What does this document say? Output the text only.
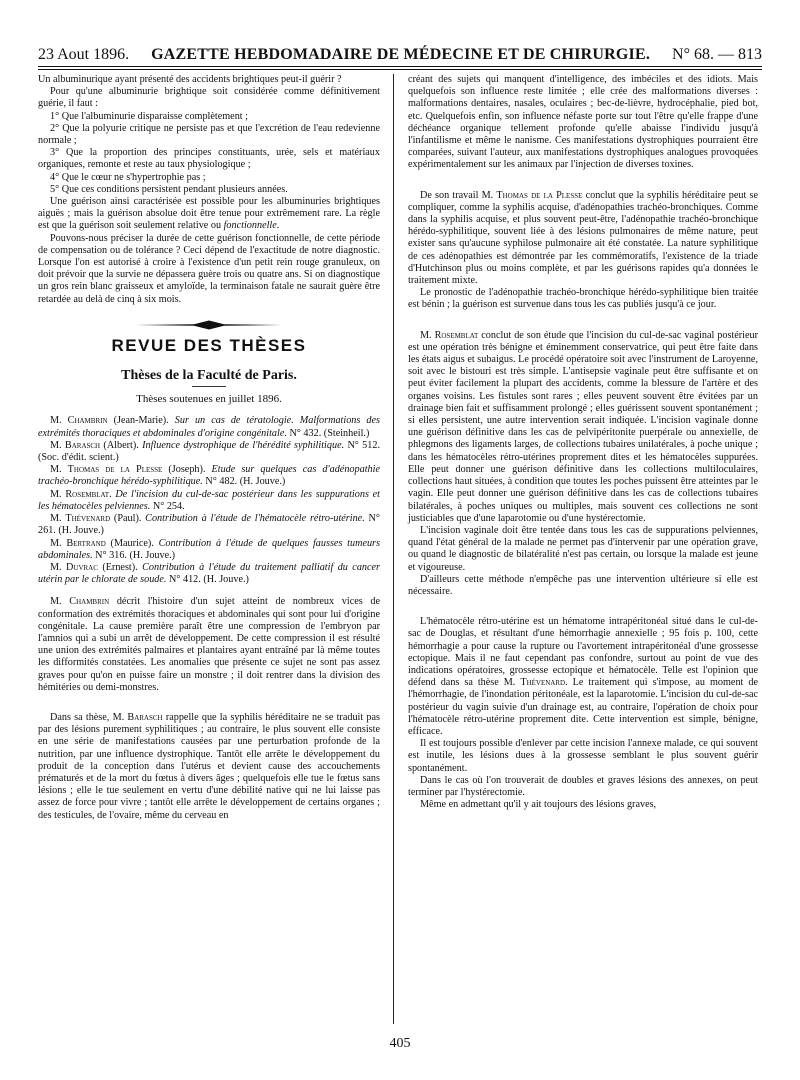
23 Aout 1896. GAZETTE HEBDOMADAIRE DE MÉDECINE ET DE CHIRURGIE. N° 68. — 813

Un albuminurique ayant présenté des accidents brightiques peut-il guérir ?

Pour qu'une albuminurie brightique soit considérée comme définitivement guérie, il faut :

1° Que l'albuminurie disparaisse complètement ;

2° Que la polyurie critique ne persiste pas et que l'excrétion de l'eau redevienne normale ;

3° Que la proportion des principes constituants, urée, sels et matériaux organiques, remonte et reste au taux physiologique ;

4° Que le cœur ne s'hypertrophie pas ;

5° Que ces conditions persistent pendant plusieurs années.

Une guérison ainsi caractérisée est possible pour les albuminuries brightiques aiguës ; mais la guérison absolue doit être tenue pour extrêmement rare. La règle est que la guérison soit seulement relative ou fonctionnelle.

Pouvons-nous préciser la durée de cette guérison fonctionnelle, de cette période de compensation ou de tolérance ? Ceci dépend de l'exactitude de notre diagnostic. Lorsque l'on est autorisé à croire à l'existence d'un petit rein rouge granuleux, on doit prévoir que la survie ne dépassera guère trois ou quatre ans. Si on diagnostique un gros rein blanc graisseux et amyloïde, la terminaison fatale ne saurait guère être retardée au delà de cinq à six mois.

REVUE DES THÈSES
Thèses de la Faculté de Paris.
Thèses soutenues en juillet 1896.

M. Chambrin (Jean-Marie). Sur un cas de tératologie. Malformations des extrémités thoraciques et abdominales d'origine congénitale. N° 432. (Steinheil.)

M. Barasch (Albert). Influence dystrophique de l'hérédité syphilitique. N° 512. (Soc. d'édit. scient.)

M. Thomas de la Plesse (Joseph). Etude sur quelques cas d'adénopathie trachéo-bronchique hérédo-syphilitique. N° 482. (H. Jouve.)

M. Rosemblat. De l'incision du cul-de-sac postérieur dans les suppurations et les hématocèles pelviennes. N° 254.

M. Thévenard (Paul). Contribution à l'étude de l'hématocèle rétro-utérine. N° 261. (H. Jouve.)

M. Bertrand (Maurice). Contribution à l'étude de quelques fausses tumeurs abdominales. N° 316. (H. Jouve.)

M. Duvrac (Ernest). Contribution à l'étude du traitement palliatif du cancer utérin par le chlorate de soude. N° 412. (H. Jouve.)

M. Chambrin décrit l'histoire d'un sujet atteint de nombreux vices de conformation des extrémités thoraciques et abdominales qui sont pour lui d'origine congénitale. La cause première paraît être une compression de l'embryon par l'amnios qui a subi un arrêt de développement. De cette compression il est résulté une union des extrémités palmaires et plantaires ayant entraîné par là même toutes les difformités constatées. Les anomalies que présente ce sujet ne sont pas assez graves pour qu'on en puisse faire un monstre ; il doit rentrer dans la division des hémitéries ou demi-monstres.

Dans sa thèse, M. Barasch rappelle que la syphilis héréditaire ne se traduit pas par des lésions purement syphilitiques ; au contraire, le plus souvent elle consiste en une série de manifestations causées par une perturbation profonde de la nutrition, par une influence dystrophique. Tantôt elle arrête le développement du produit de la conception dans l'utérus et devient cause des accouchements prématurés et de la mort du fœtus à divers âges ; quelquefois elle tue le fœtus sans lésions ; elle le tue seulement en vertu d'une débilité native qui ne lui laisse pas assez de force pour vivre ; tantôt elle arrête le développement de certains organes ; des testicules, de l'ovaire, même du cerveau en

créant des sujets qui manquent d'intelligence, des imbéciles et des idiots. Mais quelquefois son influence reste limitée ; elle crée des malformations diverses : malformations dentaires, nasales, oculaires ; bec-de-lièvre, hydrocéphalie, pied bot, etc. Quelquefois enfin, son influence néfaste porte sur tout l'être qu'elle frappe d'une déchéance organique tellement profonde qu'elle abaisse l'individu jusqu'à l'infantilisme et même le nanisme. Ces manifestations dystrophiques pourraient être comparées, suivant l'auteur, aux manifestations dystrophiques analogues provoquées expérimentalement sur les animaux par l'injection de diverses toxines.

De son travail M. Thomas de la Plesse conclut que la syphilis héréditaire peut se compliquer, comme la syphilis acquise, d'adénopathies trachéo-bronchiques. Comme dans la syphilis acquise, et plus souvent peut-être, l'adénopathie trachéo-bronchique hérédo-syphilitique, souvent liée à des lésions pulmonaires de même nature, peut exister sans qu'aucune syphilose pulmonaire ait été constatée. La nature syphilitique de ces adénopathies est démontrée par les commémoratifs, l'existence de la triade d'Hutchinson plus ou moins complète, et par les guérisons rapides qu'a données le traitement mixte.

Le pronostic de l'adénopathie trachéo-bronchique hérédo-syphilitique bien traitée est bénin ; la guérison est survenue dans tous les cas publiés jusqu'à ce jour.

M. Rosemblat conclut de son étude que l'incision du cul-de-sac vaginal postérieur est une opération très bénigne et éminemment conservatrice, qui peut être faite dans les états aigus et subaigus. Le procédé opératoire soit avec l'instrument de Laroyenne, soit avec le bistouri est très simple. L'antisepsie vaginale peut être suffisante et on peut éviter facilement la plupart des accidents, comme la blessure de l'artère et des organes voisins. Les fistules sont rares ; elles peuvent souvent être évitées par un drainage bien fait et suffisamment prolongé ; elles guérissent souvent spontanément ; si elles persistent, une autre intervention serait indiquée. L'incision vaginale donne une guérison définitive dans les cas de pelvipéritonite puerpérale ou annexielle, de phlegmons des ligaments larges, de collections tubaires unilatérales, à poche unique ; dans les hématocèles rétro-utérines proprement dites et les hématocèles suppurées. Elle peut donner une guérison définitive dans les collections multiloculaires, collections haut situées, à condition que toutes les poches puissent être atteintes par le vagin. Elle peut donner une guérison définitive dans les cas de collections tubaires bilatérales, à poches uniques ou multiples, mais souvent ces collections ne sont justiciables que d'une laparotomie ou d'une hystérectomie.

L'incision vaginale doit être tentée dans tous les cas de suppurations pelviennes, quand l'état général de la malade ne permet pas d'intervenir par une opération grave, ou quand le diagnostic de bilatéralité n'est pas certain, ou lorsque la malade est jeune et vigoureuse.

D'ailleurs cette méthode n'empêche pas une intervention ultérieure si elle est nécessaire.

L'hématocèle rétro-utérine est un hématome intrapéritonéal situé dans le cul-de-sac de Douglas, et résultant d'une hémorrhagie annexielle ; 95 fois p. 100, cette hémorrhagie a pour cause la rupture ou l'avortement intrapéritonéal d'une grossesse ectopique. Mais il ne faut cependant pas confondre, surtout au point de vue des indications opératoires, grossesse ectopique et hématocèle. Telle est l'opinion que défend dans sa thèse M. Thévenard. Le traitement qui s'impose, au moment de l'hémorrhagie, de l'inondation péritonéale, est la laparotomie. L'incision du cul-de-sac postérieur du vagin suivie d'un drainage est, au contraire, l'opération de choix pour l'hématocèle rétro-utérine proprement dite. Cette intervention est simple, bénigne, efficace.

Il est toujours possible d'enlever par cette incision l'annexe malade, ce qui souvent est inutile, les lésions dues à la grossesse semblant le plus souvent guérir spontanément.

Dans le cas où l'on trouverait de doubles et graves lésions des annexes, on peut terminer par l'hystérectomie.

Même en admettant qu'il y ait toujours des lésions graves,

405
